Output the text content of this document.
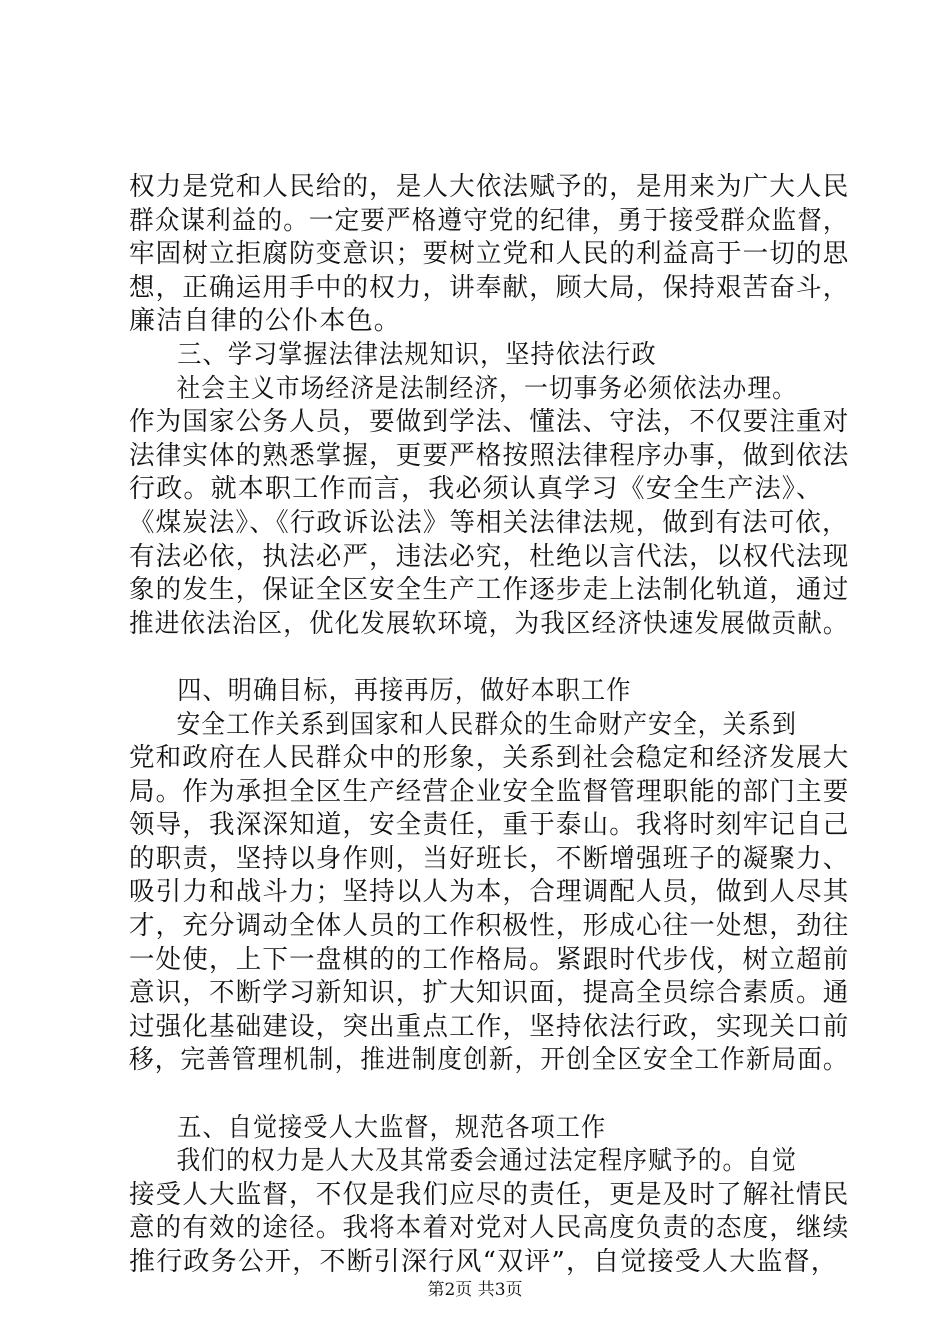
权力是党和人民给的，是人大依法赋予的，是用来为广大人民
群众谋利益的。一定要严格遵守党的纪律，勇于接受群众监督，
牢固树立拒腐防变意识；要树立党和人民的利益高于一切的思
想，正确运用手中的权力，讲奉献，顾大局，保持艰苦奋斗，
廉洁自律的公仆本色。
三、学习掌握法律法规知识，坚持依法行政
社会主义市场经济是法制经济，一切事务必须依法办理。
作为国家公务人员，要做到学法、懂法、守法，不仅要注重对
法律实体的熟悉掌握，更要严格按照法律程序办事，做到依法
行政。就本职工作而言，我必须认真学习《安全生产法》、
《煤炭法》、《行政诉讼法》等相关法律法规，做到有法可依，
有法必依，执法必严，违法必究，杜绝以言代法，以权代法现
象的发生，保证全区安全生产工作逐步走上法制化轨道，通过
推进依法治区，优化发展软环境，为我区经济快速发展做贡献。
四、明确目标，再接再厉，做好本职工作
安全工作关系到国家和人民群众的生命财产安全，关系到
党和政府在人民群众中的形象，关系到社会稳定和经济发展大
局。作为承担全区生产经营企业安全监督管理职能的部门主要
领导，我深深知道，安全责任，重于泰山。我将时刻牢记自己
的职责，坚持以身作则，当好班长，不断增强班子的凝聚力、
吸引力和战斗力；坚持以人为本，合理调配人员，做到人尽其
才，充分调动全体人员的工作积极性，形成心往一处想，劲往
一处使，上下一盘棋的的工作格局。紧跟时代步伐，树立超前
意识，不断学习新知识，扩大知识面，提高全员综合素质。通
过强化基础建设，突出重点工作，坚持依法行政，实现关口前
移，完善管理机制，推进制度创新，开创全区安全工作新局面。
五、自觉接受人大监督，规范各项工作
我们的权力是人大及其常委会通过法定程序赋予的。自觉
接受人大监督，不仅是我们应尽的责任，更是及时了解社情民
意的有效的途径。我将本着对党对人民高度负责的态度，继续
推行政务公开，不断引深行风“双评”，自觉接受人大监督，
第2页 共3页
